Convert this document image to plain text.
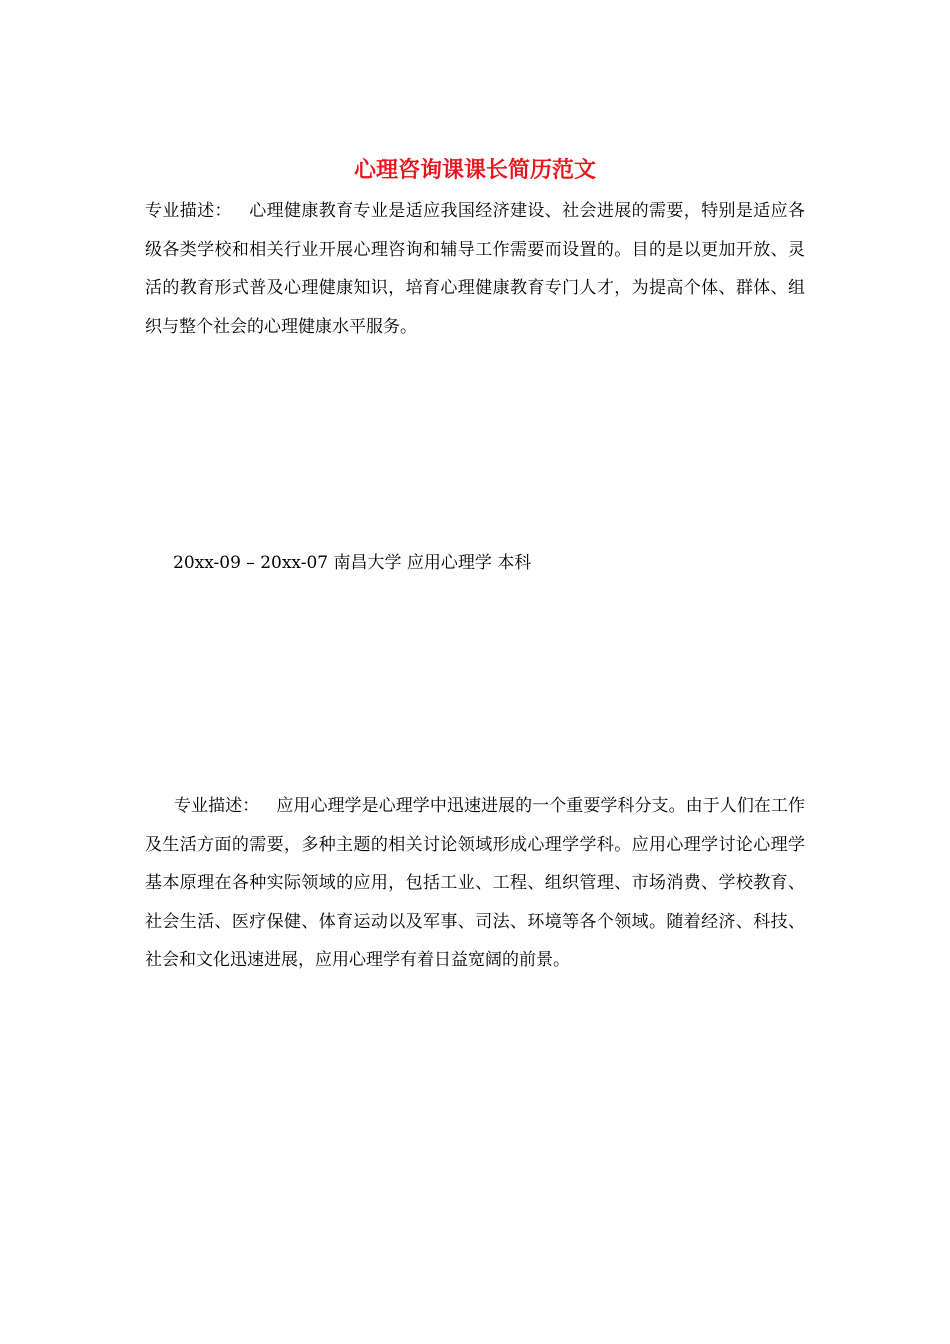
心理咨询课课长简历范文

专业描述： 心理健康教育专业是适应我国经济建设、社会进展的需要，特别是适应各级各类学校和相关行业开展心理咨询和辅导工作需要而设置的。目的是以更加开放、灵活的教育形式普及心理健康知识，培育心理健康教育专门人才，为提高个体、群体、组织与整个社会的心理健康水平服务。

20xx-09 – 20xx-07 南昌大学 应用心理学 本科

专业描述： 应用心理学是心理学中迅速进展的一个重要学科分支。由于人们在工作及生活方面的需要，多种主题的相关讨论领域形成心理学学科。应用心理学讨论心理学基本原理在各种实际领域的应用，包括工业、工程、组织管理、市场消费、学校教育、社会生活、医疗保健、体育运动以及军事、司法、环境等各个领域。随着经济、科技、社会和文化迅速进展，应用心理学有着日益宽阔的前景。
